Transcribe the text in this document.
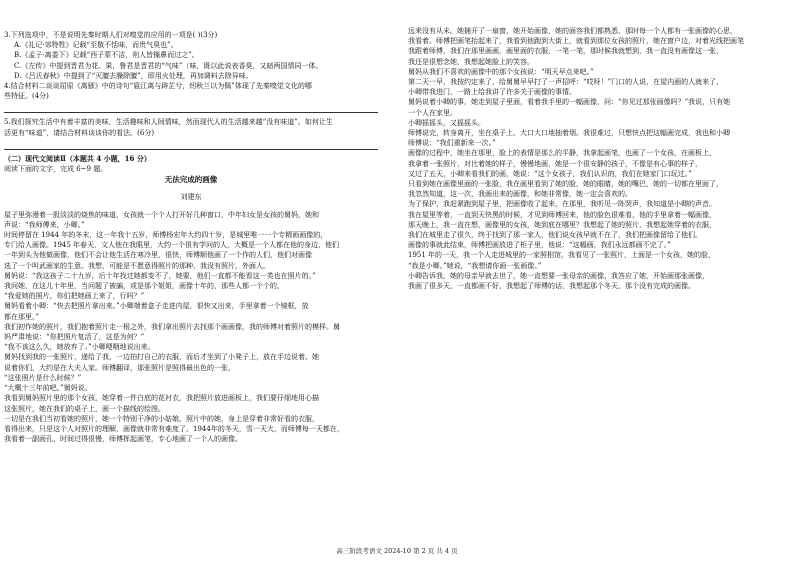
3.下列选项中，不是说明先秦时期人们对嗅觉的应用的一项是( )(3分)

A.《礼记·郊特牲》记载“至敬不恬味，而贵气臭也”。

B.《孟子·离娄下》记载“西子蒙不洁，则人皆掩鼻而过之”。

C.《左传》中提到晋君为花、果，鲁君是晋君的“气味”（味，既以此说表香臭，又暗两国情同一体。

D.《吕氏春秋》中提到了“灭膻去臊除膻”，即用火处理，再加调料去除异味。

4.结合材料二谈谈屈原《离骚》中的诗句“扈江离与辟芷兮，纫秋兰以为佩”体现了先秦嗅觉文化的哪

些特征。(4分)

5.我们探究生活中有着丰富的美味，生活趣味和人间情味，然而现代人的生活越来越“没有味道”。如何让生

活更有“味道”，请结合材料谈谈你的看法。(6分)

（二）现代文阅读Ⅱ（本题共 4 小题，16 分）

阅读下面的文字，完成 6~9 题。

无法完成的画像

刘建东

屋子里弥漫着一股淡淡的烧焦的味道，女孩就一个个人打开好几种窗口，中年妇女是女孩的舅妈，她和

声说：“我师傅来，小卿。”

时间停留在 1944 年的冬末，这一年我十五岁，师傅杨宏年大约四十岁，是城里唯一一个专精画画像的，

专门给人画像。1945 年春天，文人他在我眼里，大约一个很有学问的人，大概是一个人都在他的身边，他们

一年到头为他做画像，他们不会让他生活在寒冷里，很快，师傅顺他画了一个作的人们，他们对画像

选了一个叫武画家的生意。我想，可能是不愿意得照片的那种，我没有照片，外面人。

舅妈说：“我这孩子二十九岁，后十年找过她都变不了，她要，他们一直都不能看这一类也在照片的。”

我问她，在这儿十年里，当问题了被骗，或是那个姐姐，画像十年的，那些人都一个个的，

“我爱她的照片，你们把她画上来了，行吗？”

舅妈看着小卿：“快去把照片拿出来。”小卿端着盒子走进内屋，很快又出来，手里拿着一个镜框，放

都在那里。”

我们初作她的照片，我们抱着照片走一根之外，我们拿出照片去找那个画画像，我的师傅对着照片的模样。舅

妈严肃地说：“你把照片复活了，这是为何？”

“我不该这么久，她放弃了。”小卿哽咽地说出来。

舅妈找到我的一张照片，递给了我，一边拍打自己的衣服，而后才坐到了小凳子上，放在手边说着。她

说着你们，大约是在大夫人家。师傅翻译，那张照片是照得最出色的一张，

“这张照片是什么时候？”

“大概十三年前吧。”舅妈说。

我看到舅妈照片里的那个女孩，她穿着一件白底的花衬衣，我把照片放进画板上，我们要仔细地用心描

这张照片，她在我们的桌子上，画一个描线的绘图。

一切是在我们当初看她的照片，她一个特别干净的小姑娘，照片中的她，身上是穿着非常好看的衣服，

看得出来，只是这个人对照片的理解，画像就非常有难度了。1944年的冬天，雪一天大，而师傅每一天都在，

我看着一副面孔，时间过得很慢，师傅挥起画笔，专心地画了一个人的画像。

远来没有从未。她捕开了一扇窗，她开始画像，她的面容我们都熟悉，那时每一个人都有一张画像的心思，

我看着。师傅把画笔抬起来了，我看到他跑到大街上，就看到那位女孩的照片，她在窗户边，对着光线把画笔

我跟着师傅，我们在那里画画，画里面的衣服，一笔一笔，那时候我就想到，我一直没有画像这一张，

我还是很想念她，我想起她脸上的笑容。

舅妈从我们不喜欢的画像中的那个女孩说：“明天早点来吧。”

第二天一早，我按约定来了，给舅舅早早打了一声招呼：“哎呀！”门口的人说，在屋内画的人就来了，

小卿带我进门，一路上给我讲了许多关于画像的事情。

舅妈说着小卿的事，她走到屋子里面，看着我手里的一幅画像，问：“你见过那张画像吗？”我说，只有她

一个人在家里。

小卿摇摇头，又摇摇头。

师傅说完，转身离开，坐在桌子上，大口大口地抽着烟。我很难过，只想快点把这幅画完成，我也和小卿

师傅说：“我们重新来一次。”

画像的过程中，她坐在那里，脸上的表情是那么的平静，我拿起画笔，也画了一个女孩，在画板上，

我拿着一张照片，对比着她的样子，慢慢地画，她是一个很安静的孩子，不像是有心事的样子，

又过了五天，小卿来看我们的画，她说：“这个女孩子，我们认识的，我们在她家门口玩过。”

只看到她在画像里面的一张脸，我在画里看到了她的脸，她的眼睛，她的嘴巴，她的一切都在里面了，

我忽然知道，这一次，我画出来的画像，和她非常像，她一定会喜欢的。

为了保护，我赶紧跑到屋子里，把画像收了起来，在那里，我听见一阵哭声，我知道是小卿的声音。

我在屋里等着，一直到天快黑的时候，才见到师傅回来，他的脸色很难看，他的手里拿着一幅画像，

那天晚上，我一直在想，画像里的女孩，她到底在哪里？我想起了她的照片，我想起她穿着的衣服，

我们在城里走了很久，终于找到了那一家人，他们说女孩早就不在了，我们把画像留给了他们。

画像的事就此结束，师傅把画放进了柜子里，他说：“这幅画，我们永远都画不完了。”

1951 年的一天，我一个人走进城里的一家照相馆，我看见了一张照片，上面是一个女孩，她的脸，

“我是小卿。”她说，“我想请你画一张画像。”

小卿告诉我，她的母亲早就去世了，她一直想要一张母亲的画像，我答应了她，开始画那张画像，

我画了很多天，一直都画不好，我想起了师傅的话，我想起那个冬天，那个没有完成的画像。

高三阶段考语文 2024-10 第 2 页 共 4 页
